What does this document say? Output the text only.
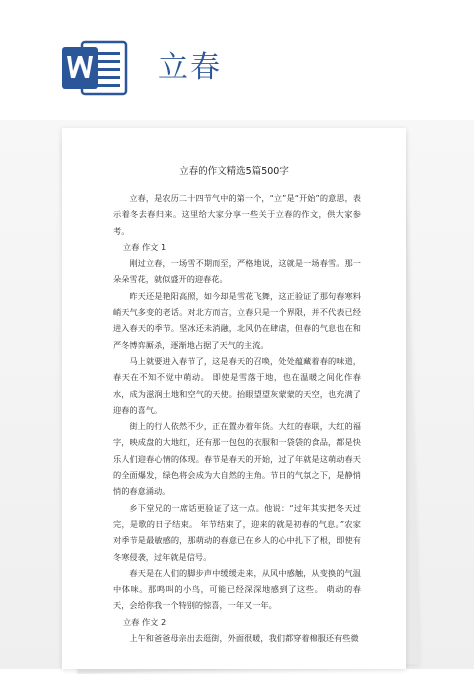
立春
立春的作文精选5篇500字

立春，是农历二十四节气中的第一个，“立”是“开始”的意思，表示着冬去春归来。这里给大家分享一些关于立春的作文，供大家参考。

立春 作文 1

刚过立春，一场雪不期而至，严格地说，这就是一场春雪。那一朵朵雪花，就似盛开的迎春花。

昨天还是艳阳高照，如今却是雪花飞舞，这正验证了那句春寒料峭天气多变的老话。对北方而言，立春只是一个界限，并不代表已经进入春天的季节。坚冰还未消融，北风仍在肆虐，但春的气息也在和严冬博弈厮杀，逐渐地占据了天气的主流。

马上就要进入春节了，这是春天的召唤，处处蕴藏着春的味道，春天在不知不觉中萌动。 即使是雪落于地，也在温暖之间化作春水，成为滋润土地和空气的天使。抬眼望望灰蒙蒙的天空，也充满了迎春的喜气。

街上的行人依然不少，正在置办着年货。大红的春联，大红的福字，映成盘的大地红，还有那一包包的衣服和一袋袋的食品，都是快乐人们迎春心情的体现。春节是春天的开始，过了年就是这萌动春天的全面爆发，绿色将会成为大自然的主角。节日的气氛之下，是静悄悄的春意涌动。

乡下堂兄的一席话更验证了这一点。他说：“过年其实把冬天过完，是歌的日子结束。 年节结束了，迎来的就是初春的气息。”农家对季节是最敏感的，那萌动的春意已在乡人的心中扎下了根，即使有冬寒侵袭，过年就是信号。

春天是在人们的脚步声中缓缓走来，从风中感触，从变换的气温中体味。那鸣叫的小鸟，可能已经深深地感到了这些。 萌动的春天，会给你我一个特别的惊喜，一年又一年。

立春 作文 2

上午和爸爸母亲出去逛街，外面很暖，我们都穿着棉服还有些微
